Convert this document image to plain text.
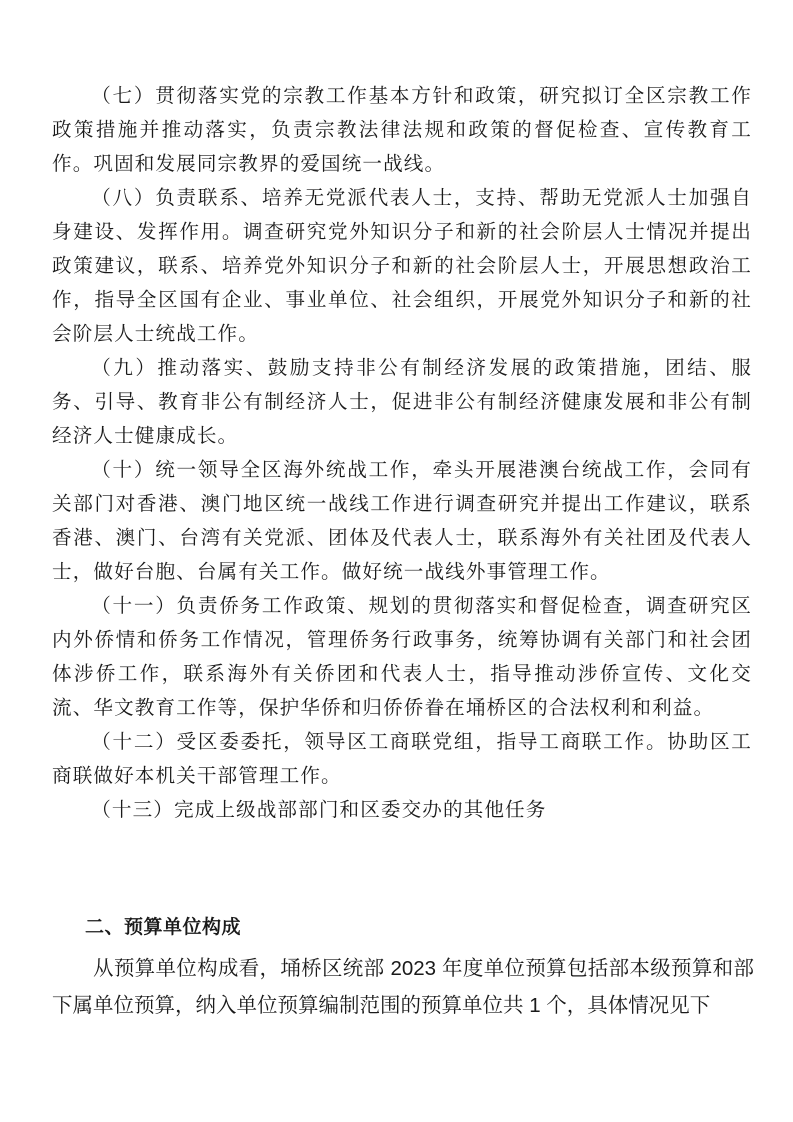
（七）贯彻落实党的宗教工作基本方针和政策，研究拟订全区宗教工作政策措施并推动落实，负责宗教法律法规和政策的督促检查、宣传教育工作。巩固和发展同宗教界的爱国统一战线。

（八）负责联系、培养无党派代表人士，支持、帮助无党派人士加强自身建设、发挥作用。调查研究党外知识分子和新的社会阶层人士情况并提出政策建议，联系、培养党外知识分子和新的社会阶层人士，开展思想政治工作，指导全区国有企业、事业单位、社会组织，开展党外知识分子和新的社会阶层人士统战工作。

（九）推动落实、鼓励支持非公有制经济发展的政策措施，团结、服务、引导、教育非公有制经济人士，促进非公有制经济健康发展和非公有制经济人士健康成长。

（十）统一领导全区海外统战工作，牵头开展港澳台统战工作，会同有关部门对香港、澳门地区统一战线工作进行调查研究并提出工作建议，联系香港、澳门、台湾有关党派、团体及代表人士，联系海外有关社团及代表人士，做好台胞、台属有关工作。做好统一战线外事管理工作。

（十一）负责侨务工作政策、规划的贯彻落实和督促检查，调查研究区内外侨情和侨务工作情况，管理侨务行政事务，统筹协调有关部门和社会团体涉侨工作，联系海外有关侨团和代表人士，指导推动涉侨宣传、文化交流、华文教育工作等，保护华侨和归侨侨眷在埇桥区的合法权利和利益。

（十二）受区委委托，领导区工商联党组，指导工商联工作。协助区工商联做好本机关干部管理工作。

（十三）完成上级战部部门和区委交办的其他任务

二、预算单位构成

从预算单位构成看，埇桥区统部 2023 年度单位预算包括部本级预算和部下属单位预算，纳入单位预算编制范围的预算单位共 1 个，具体情况见下
